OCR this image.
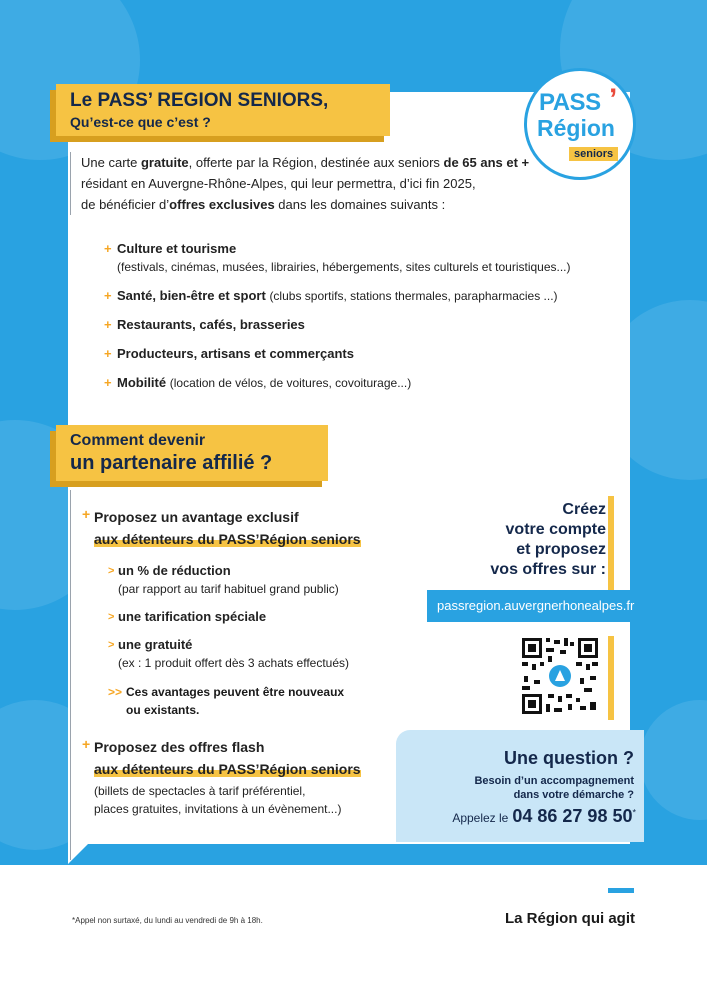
Le PASS’ REGION SENIORS,
Qu’est-ce que c’est ?
PASS ’
Région
seniors
Une carte gratuite, offerte par la Région, destinée aux seniors de 65 ans et +
résidant en Auvergne-Rhône-Alpes, qui leur permettra, d’ici fin 2025,
de bénéficier d’offres exclusives dans les domaines suivants :
+ Culture et tourisme
(festivals, cinémas, musées, librairies, hébergements, sites culturels et touristiques...)
+ Santé, bien-être et sport (clubs sportifs, stations thermales, parapharmacies ...)
+ Restaurants, cafés, brasseries
+ Producteurs, artisans et commerçants
+ Mobilité (location de vélos, de voitures, covoiturage...)
Comment devenir
un partenaire affilié ?
+ Proposez un avantage exclusif
aux détenteurs du PASS’Région seniors
> un % de réduction
(par rapport au tarif habituel grand public)
> une tarification spéciale
> une gratuité
(ex : 1 produit offert dès 3 achats effectués)
>> Ces avantages peuvent être nouveaux
ou existants.
+ Proposez des offres flash
aux détenteurs du PASS’Région seniors
(billets de spectacles à tarif préférentiel,
places gratuites, invitations à un évènement...)
Créez
votre compte
et proposez
vos offres sur :
passregion.auvergnerhonealpes.fr
Une question ?
Besoin d’un accompagnement
dans votre démarche ?
Appelez le 04 86 27 98 50*
La Région qui agit
*Appel non surtaxé, du lundi au vendredi de 9h à 18h.
